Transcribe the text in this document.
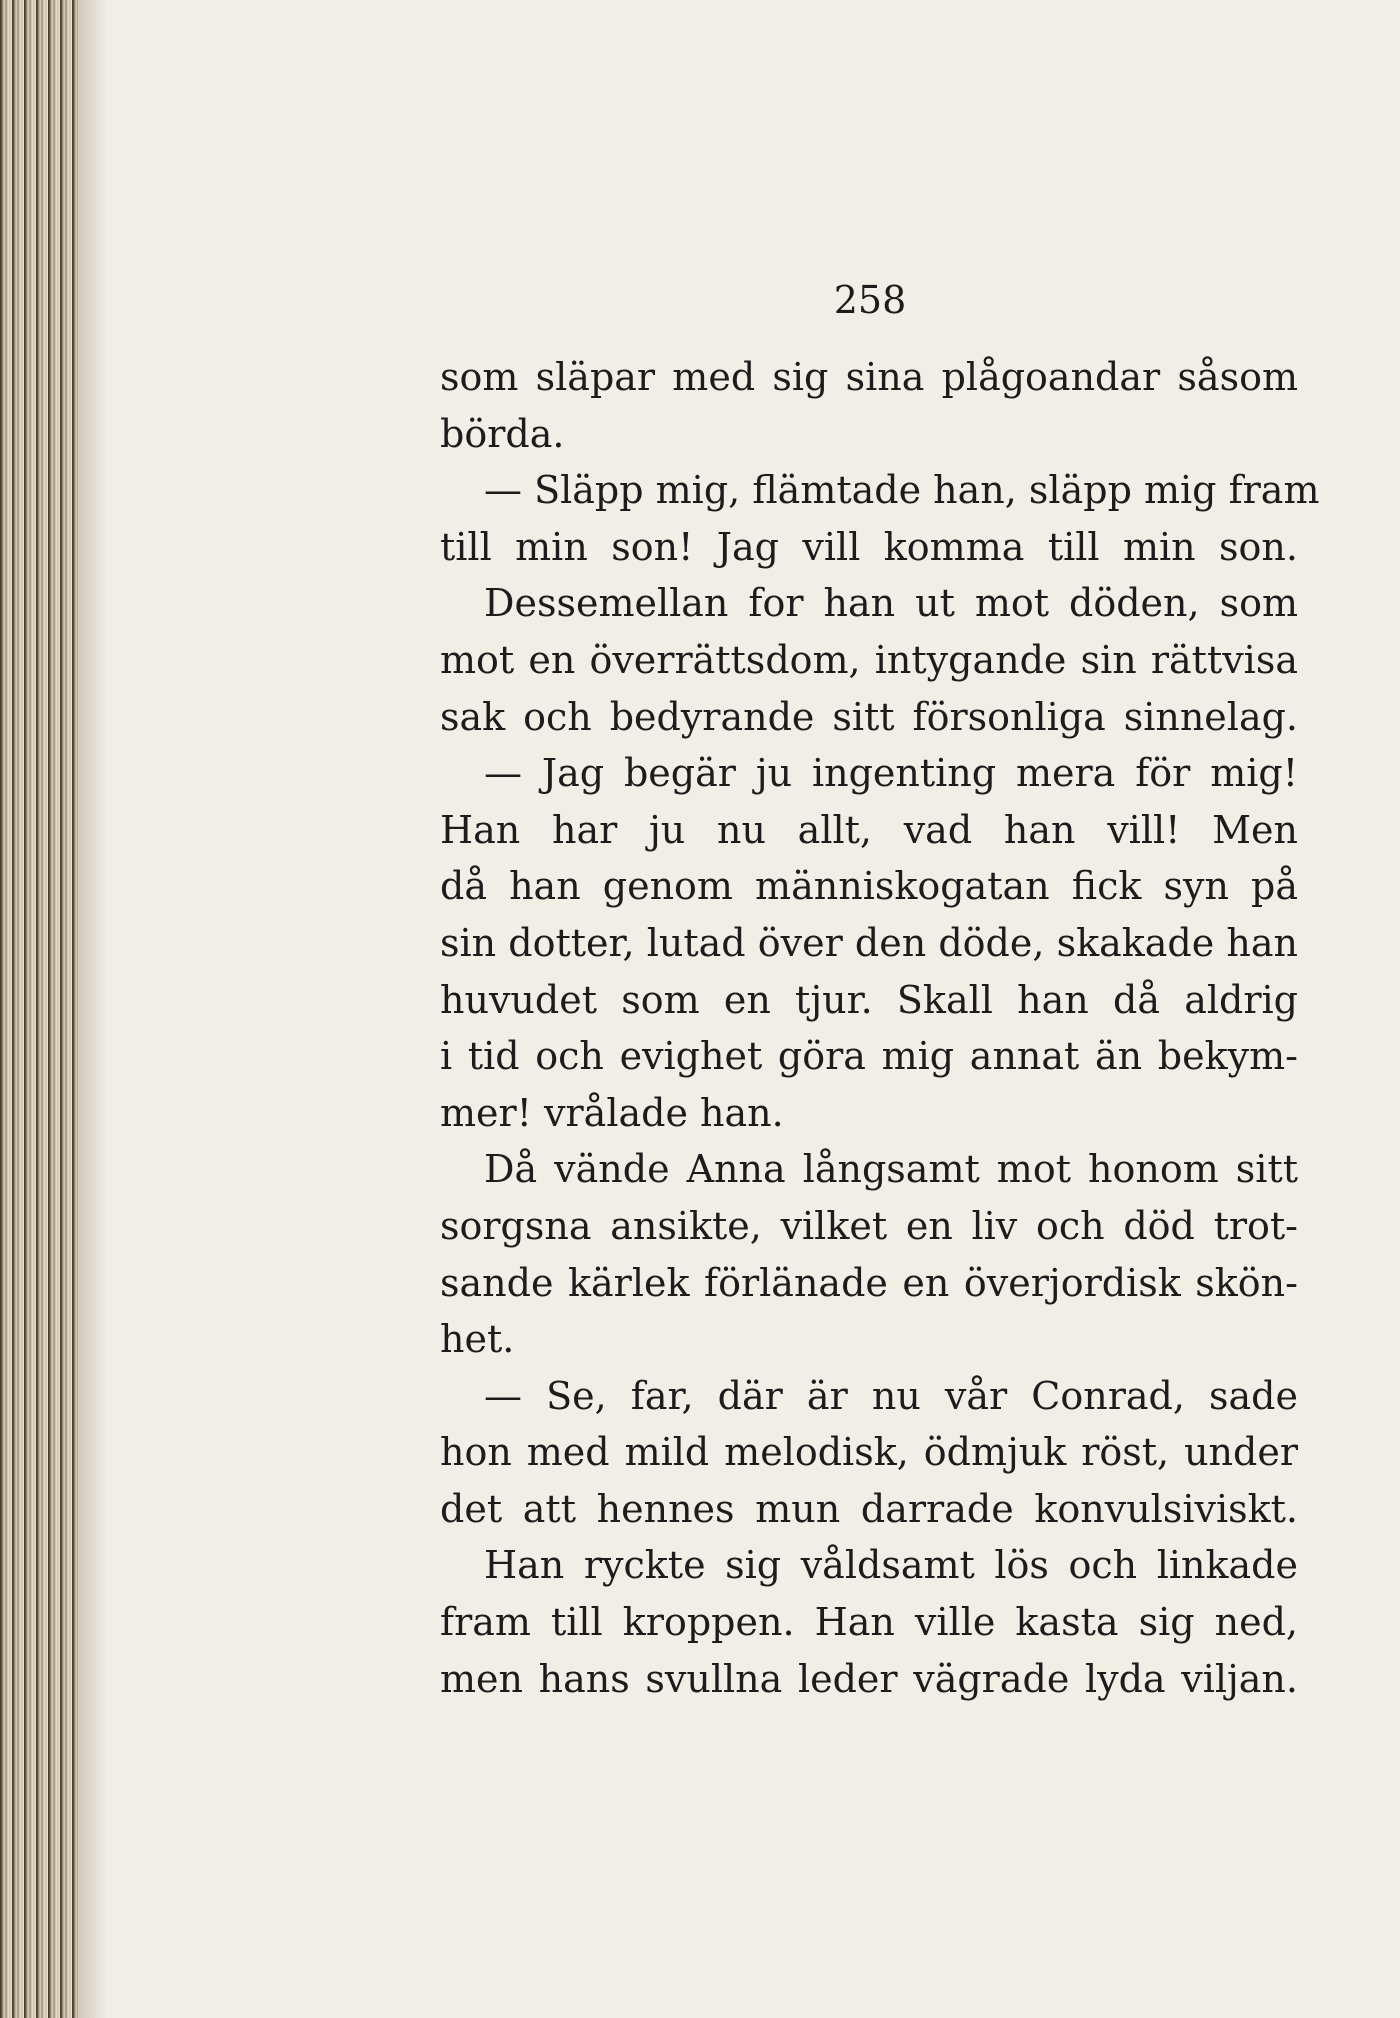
258
som släpar med sig sina plågoandar såsom
börda.
— Släpp mig, flämtade han, släpp mig fram
till min son! Jag vill komma till min son.
Dessemellan for han ut mot döden, som
mot en överrättsdom, intygande sin rättvisa
sak och bedyrande sitt försonliga sinnelag.
— Jag begär ju ingenting mera för mig!
Han har ju nu allt, vad han vill! Men
då han genom människogatan fick syn på
sin dotter, lutad över den döde, skakade han
huvudet som en tjur. Skall han då aldrig
i tid och evighet göra mig annat än bekym-
mer! vrålade han.
Då vände Anna långsamt mot honom sitt
sorgsna ansikte, vilket en liv och död trot-
sande kärlek förlänade en överjordisk skön-
het.
— Se, far, där är nu vår Conrad, sade
hon med mild melodisk, ödmjuk röst, under
det att hennes mun darrade konvulsiviskt.
Han ryckte sig våldsamt lös och linkade
fram till kroppen. Han ville kasta sig ned,
men hans svullna leder vägrade lyda viljan.
